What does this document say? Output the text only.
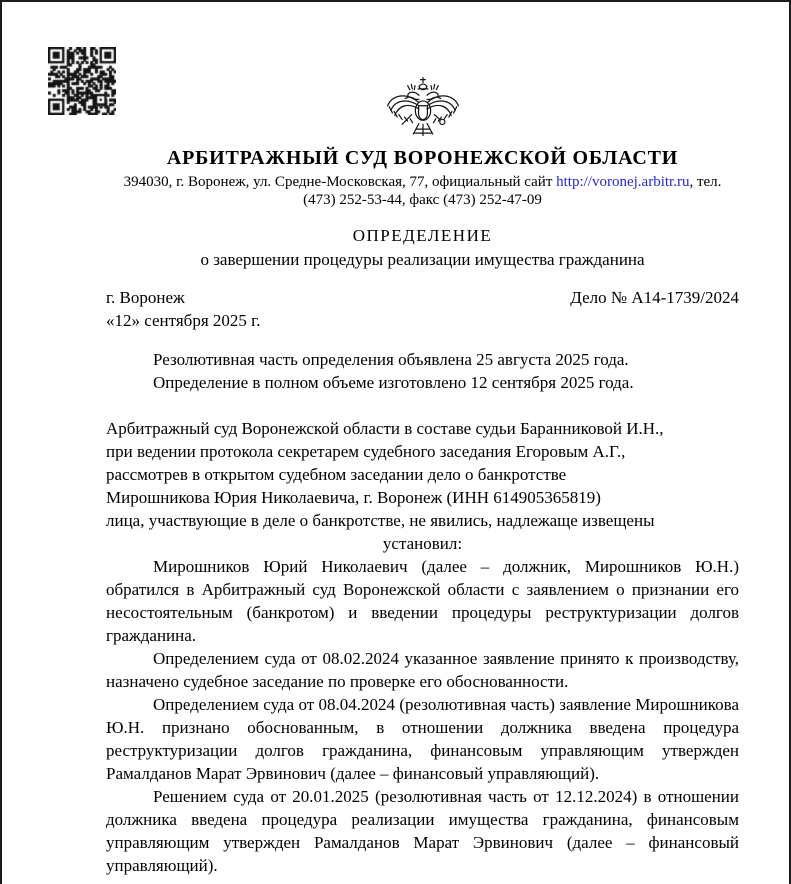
АРБИТРАЖНЫЙ СУД ВОРОНЕЖСКОЙ ОБЛАСТИ
394030, г. Воронеж, ул. Средне-Московская, 77, официальный сайт http://voronej.arbitr.ru, тел.
(473) 252-53-44, факс (473) 252-47-09
ОПРЕДЕЛЕНИЕ
о завершении процедуры реализации имущества гражданина
г. Воронеж	Дело № А14-1739/2024
«12» сентября 2025 г.
Резолютивная часть определения объявлена 25 августа 2025 года.
Определение в полном объеме изготовлено 12 сентября 2025 года.
Арбитражный суд Воронежской области в составе судьи Баранниковой И.Н.,
при ведении протокола секретарем судебного заседания Егоровым А.Г.,
рассмотрев в открытом судебном заседании дело о банкротстве
Мирошникова Юрия Николаевича, г. Воронеж (ИНН 614905365819)
лица, участвующие в деле о банкротстве, не явились, надлежаще извещены
установил:

Мирошников Юрий Николаевич (далее – должник, Мирошников Ю.Н.) обратился в Арбитражный суд Воронежской области с заявлением о признании его несостоятельным (банкротом) и введении процедуры реструктуризации долгов гражданина.

Определением суда от 08.02.2024 указанное заявление принято к производству, назначено судебное заседание по проверке его обоснованности.

Определением суда от 08.04.2024 (резолютивная часть) заявление Мирошникова Ю.Н. признано обоснованным, в отношении должника введена процедура реструктуризации долгов гражданина, финансовым управляющим утвержден Рамалданов Марат Эрвинович (далее – финансовый управляющий).

Решением суда от 20.01.2025 (резолютивная часть от 12.12.2024) в отношении должника введена процедура реализации имущества гражданина, финансовым управляющим утвержден Рамалданов Марат Эрвинович (далее – финансовый управляющий).
